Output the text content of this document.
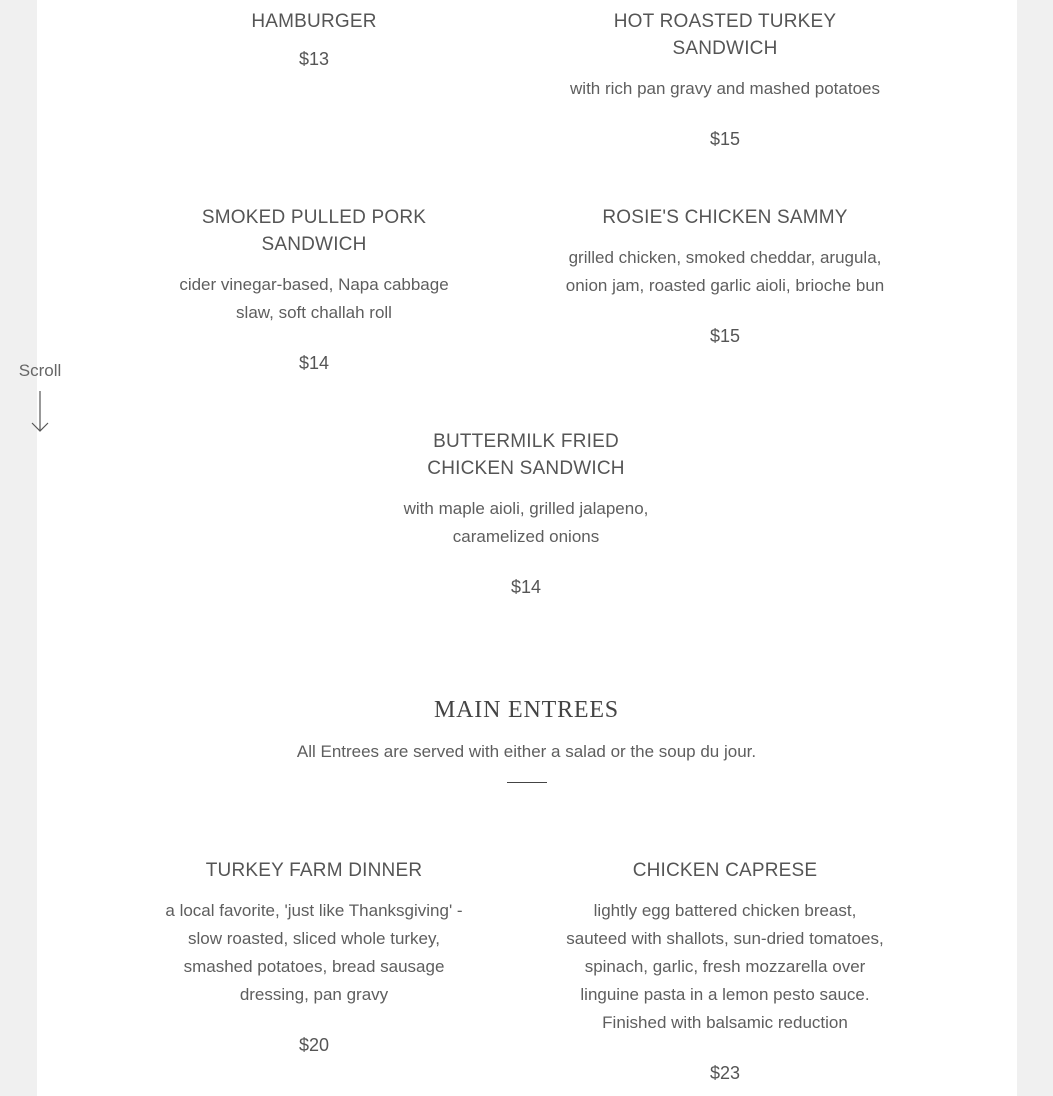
HAMBURGER

$13

HOT ROASTED TURKEY SANDWICH

with rich pan gravy and mashed potatoes

$15

SMOKED PULLED PORK SANDWICH

cider vinegar-based, Napa cabbage slaw, soft challah roll

$14

ROSIE'S CHICKEN SAMMY

grilled chicken, smoked cheddar, arugula, onion jam, roasted garlic aioli, brioche bun

$15

BUTTERMILK FRIED CHICKEN SANDWICH

with maple aioli, grilled jalapeno, caramelized onions

$14

MAIN ENTREES
All Entrees are served with either a salad or the soup du jour.
TURKEY FARM DINNER

a local favorite, 'just like Thanksgiving' - slow roasted, sliced whole turkey, smashed potatoes, bread sausage dressing, pan gravy

$20

CHICKEN CAPRESE

lightly egg battered chicken breast, sauteed with shallots, sun-dried tomatoes, spinach, garlic, fresh mozzarella over linguine pasta in a lemon pesto sauce. Finished with balsamic reduction

$23

Scroll
